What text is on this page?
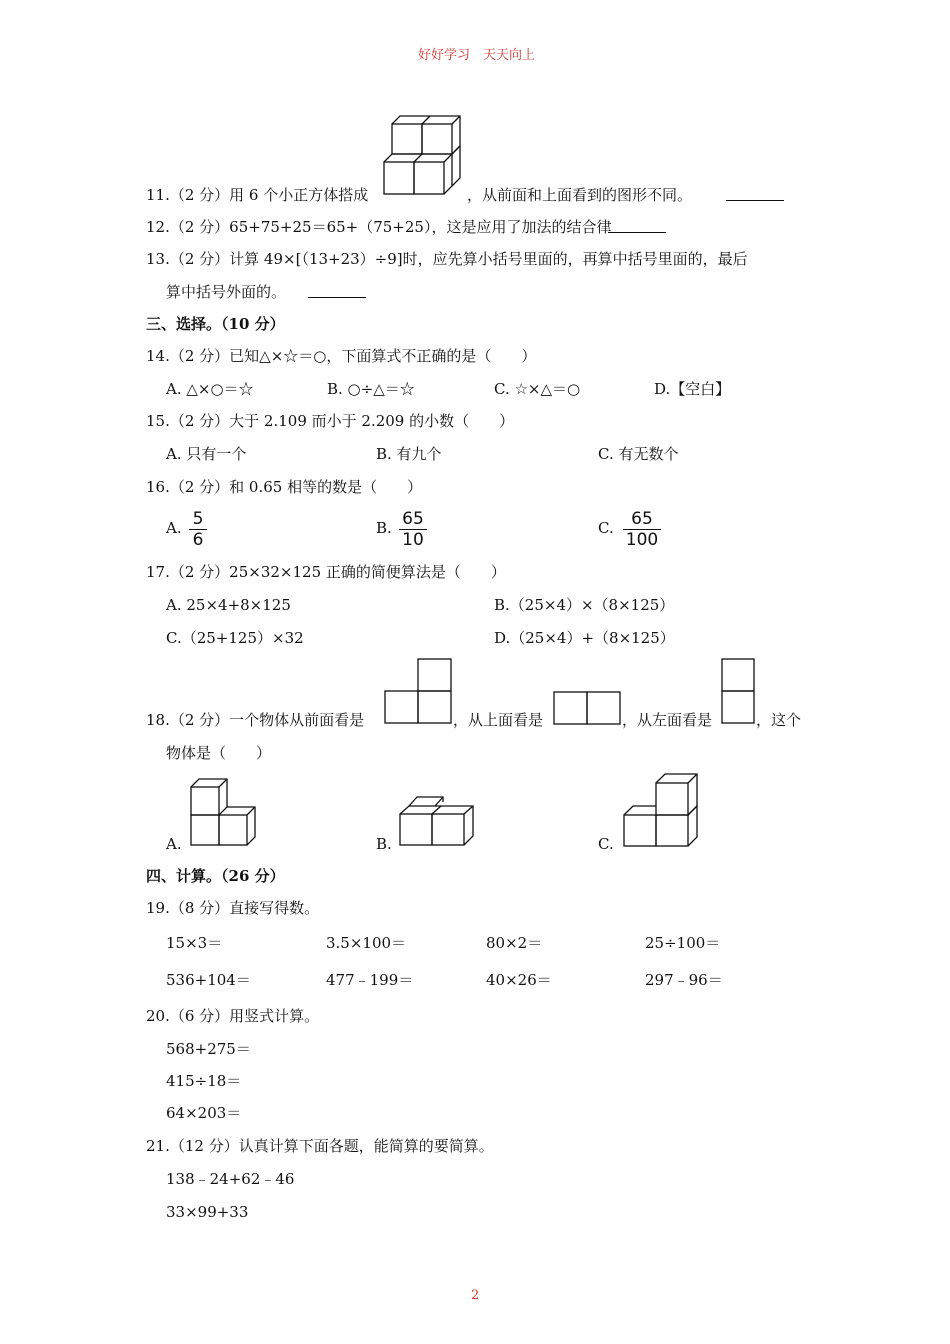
好好学习　天天向上
2
11.（2 分）用 6 个小正方体搭成	，从前面和上面看到的图形不同。
12.（2 分）65+75+25＝65+（75+25），这是应用了加法的结合律
13.（2 分）计算 49×[（13+23）÷9]时，应先算小括号里面的，再算中括号里面的，最后
算中括号外面的。
三、选择。（10 分）
14.（2 分）已知△×☆＝○，下面算式不正确的是（　　）
A. △×○＝☆	B. ○÷△＝☆	C. ☆×△＝○	D.【空白】
15.（2 分）大于 2.109 而小于 2.209 的小数（　　）
A. 只有一个	B. 有九个	C. 有无数个
16.（2 分）和 0.65 相等的数是（　　）
A. 5
6
B. 65
10
C.	65
100
17.（2 分）25×32×125 正确的简便算法是（　　）
A. 25×4+8×125	B.（25×4）×（8×125）
C.（25+125）×32	D.（25×4）+（8×125）
18.（2 分）一个物体从前面看是	，从上面看是	，从左面看是	，这个
物体是（　　）
A.	B.	C.
四、计算。（26 分）
19.（8 分）直接写得数。
15×3＝	3.5×100＝	80×2＝	25÷100＝
536+104＝	477﹣199＝	40×26＝	297﹣96＝
20.（6 分）用竖式计算。
568+275＝
415÷18＝
64×203＝
21.（12 分）认真计算下面各题，能简算的要简算。
138﹣24+62﹣46
33×99+33
